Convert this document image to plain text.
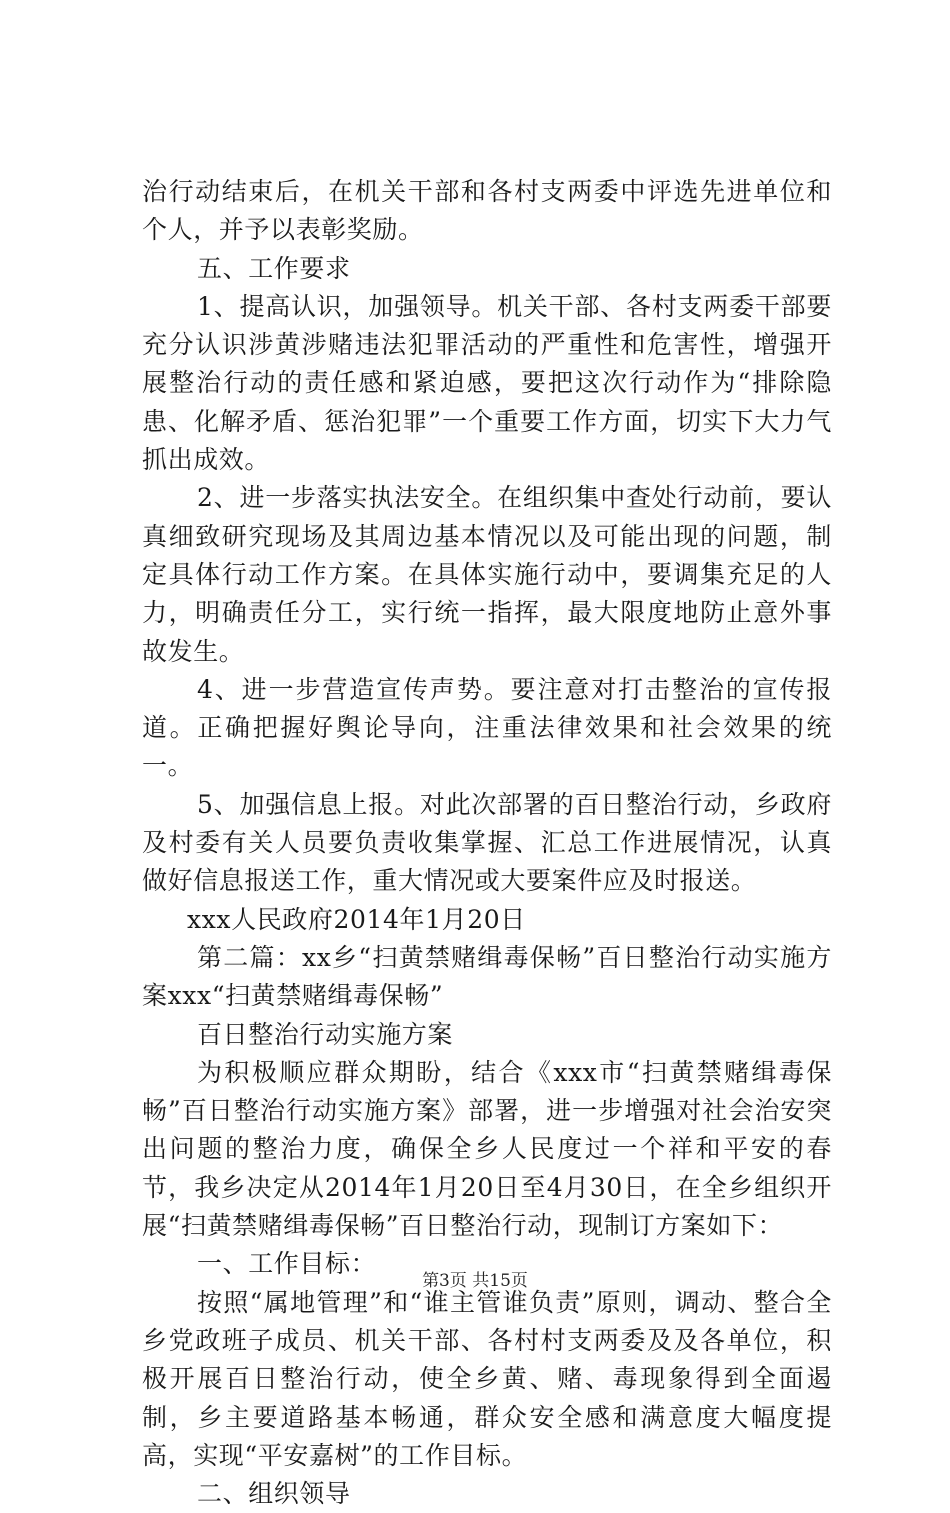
治行动结束后，在机关干部和各村支两委中评选先进单位和个人，并予以表彰奖励。

五、工作要求

1、提高认识，加强领导。机关干部、各村支两委干部要充分认识涉黄涉赌违法犯罪活动的严重性和危害性，增强开展整治行动的责任感和紧迫感，要把这次行动作为“排除隐患、化解矛盾、惩治犯罪”一个重要工作方面，切实下大力气抓出成效。

2、进一步落实执法安全。在组织集中查处行动前，要认真细致研究现场及其周边基本情况以及可能出现的问题，制定具体行动工作方案。在具体实施行动中，要调集充足的人力，明确责任分工，实行统一指挥，最大限度地防止意外事故发生。

4、进一步营造宣传声势。要注意对打击整治的宣传报道。正确把握好舆论导向，注重法律效果和社会效果的统一。

5、加强信息上报。对此次部署的百日整治行动，乡政府及村委有关人员要负责收集掌握、汇总工作进展情况，认真做好信息报送工作，重大情况或大要案件应及时报送。

xxx人民政府2014年1月20日

第二篇：xx乡“扫黄禁赌缉毒保畅”百日整治行动实施方案xxx“扫黄禁赌缉毒保畅”

百日整治行动实施方案

为积极顺应群众期盼，结合《xxx市“扫黄禁赌缉毒保畅”百日整治行动实施方案》部署，进一步增强对社会治安突出问题的整治力度，确保全乡人民度过一个祥和平安的春节，我乡决定从2014年1月20日至4月30日，在全乡组织开展“扫黄禁赌缉毒保畅”百日整治行动，现制订方案如下：

一、工作目标：

按照“属地管理”和“谁主管谁负责”原则，调动、整合全乡党政班子成员、机关干部、各村村支两委及及各单位，积极开展百日整治行动，使全乡黄、赌、毒现象得到全面遏制，乡主要道路基本畅通，群众安全感和满意度大幅度提高，实现“平安嘉树”的工作目标。

二、组织领导

第3页 共15页
